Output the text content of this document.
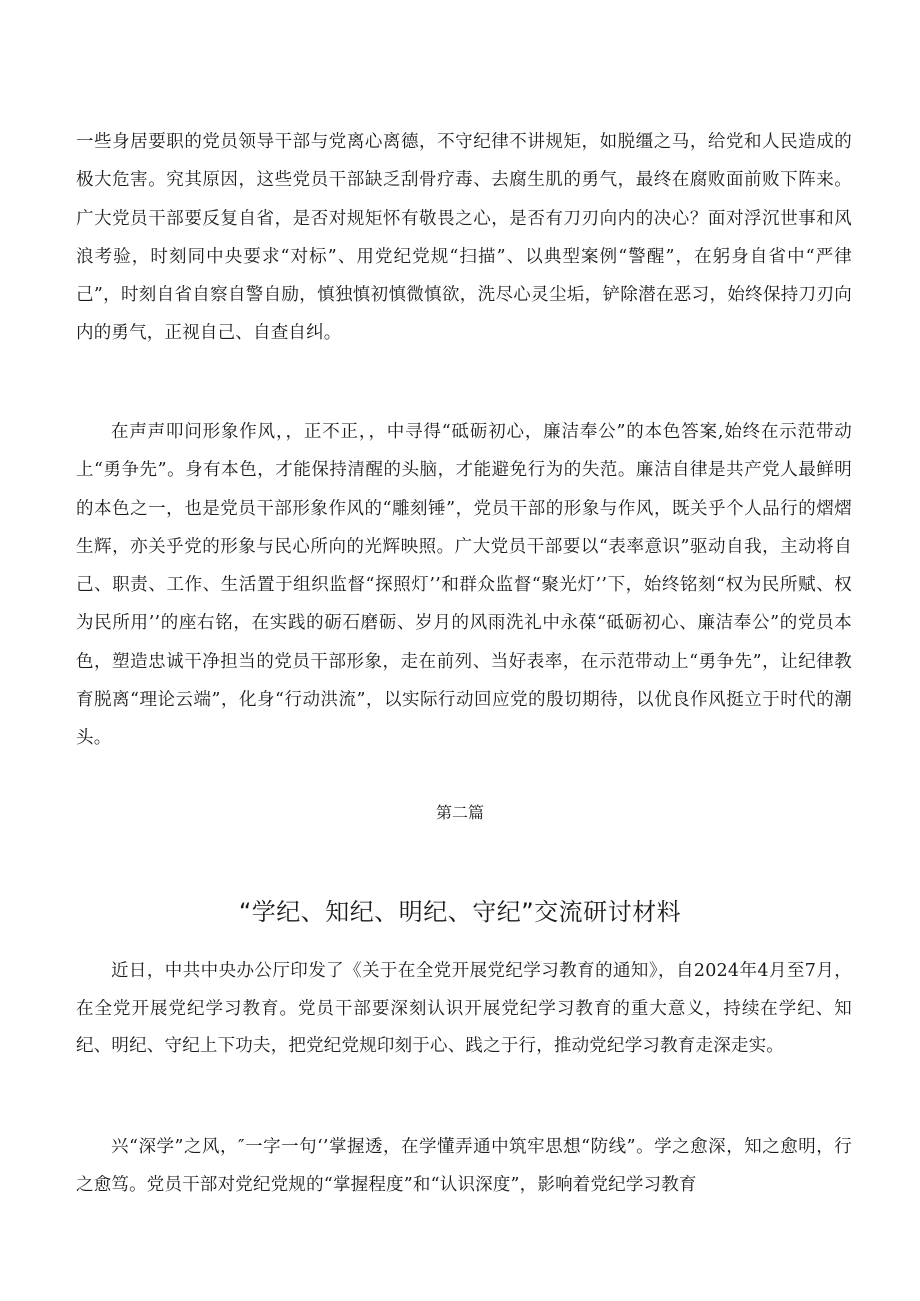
一些身居要职的党员领导干部与党离心离德，不守纪律不讲规矩，如脱缰之马，给党和人民造成的极大危害。究其原因，这些党员干部缺乏刮骨疗毒、去腐生肌的勇气，最终在腐败面前败下阵来。广大党员干部要反复自省，是否对规矩怀有敬畏之心，是否有刀刃向内的决心？面对浮沉世事和风浪考验，时刻同中央要求“对标”、用党纪党规“扫描”、以典型案例“警醒”，在躬身自省中“严律己”，时刻自省自察自警自励，慎独慎初慎微慎欲，洗尽心灵尘垢，铲除潜在恶习，始终保持刀刃向内的勇气，正视自己、自查自纠。

在声声叩问形象作风，，正不正，，中寻得“砥砺初心，廉洁奉公”的本色答案,始终在示范带动上“勇争先”。身有本色，才能保持清醒的头脑，才能避免行为的失范。廉洁自律是共产党人最鲜明的本色之一，也是党员干部形象作风的“雕刻锤”，党员干部的形象与作风，既关乎个人品行的熠熠生辉，亦关乎党的形象与民心所向的光辉映照。广大党员干部要以“表率意识”驱动自我，主动将自己、职责、工作、生活置于组织监督“探照灯’’和群众监督“聚光灯’’下，始终铭刻“权为民所赋、权为民所用’’的座右铭，在实践的砺石磨砺、岁月的风雨洗礼中永葆“砥砺初心、廉洁奉公”的党员本色，塑造忠诚干净担当的党员干部形象，走在前列、当好表率，在示范带动上“勇争先”，让纪律教育脱离“理论云端”，化身“行动洪流”，以实际行动回应党的殷切期待，以优良作风挺立于时代的潮头。

第二篇
“学纪、知纪、明纪、守纪”交流研讨材料

近日，中共中央办公厅印发了《关于在全党开展党纪学习教育的通知》，自2024年4月至7月，在全党开展党纪学习教育。党员干部要深刻认识开展党纪学习教育的重大意义，持续在学纪、知纪、明纪、守纪上下功夫，把党纪党规印刻于心、践之于行，推动党纪学习教育走深走实。

兴“深学”之风，″一字一句‘’掌握透，在学懂弄通中筑牢思想“防线”。学之愈深，知之愈明，行之愈笃。党员干部对党纪党规的“掌握程度”和“认识深度”，影响着党纪学习教育
